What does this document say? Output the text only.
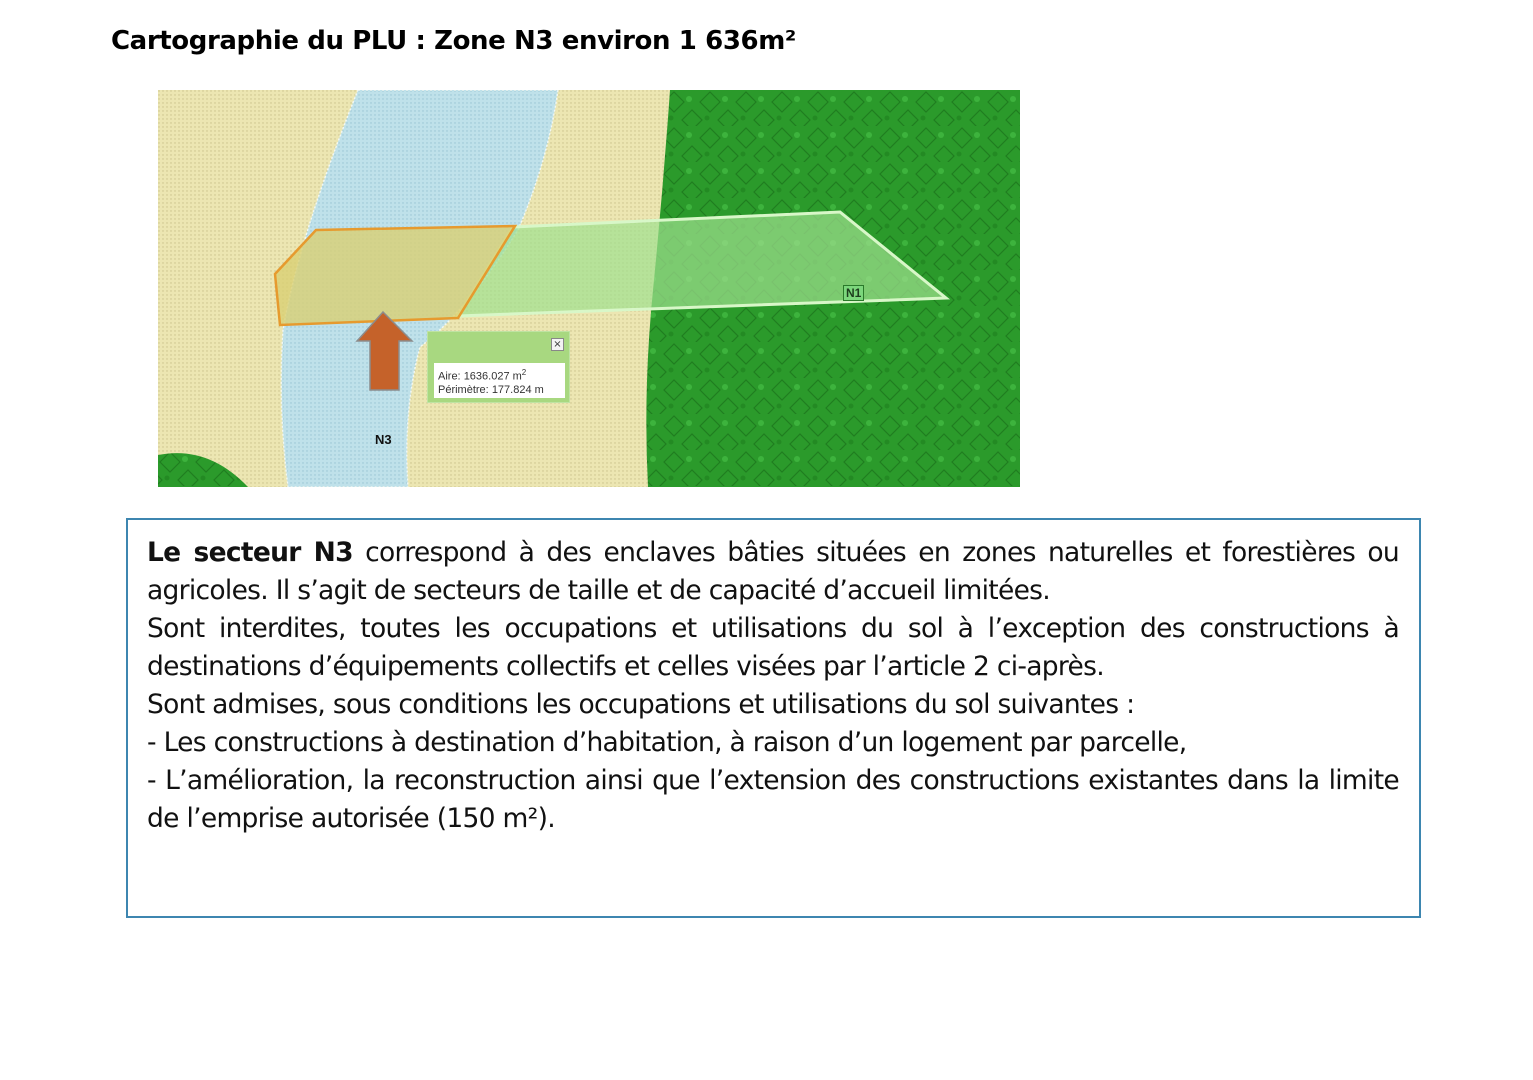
Cartographie du PLU : Zone N3 environ 1 636m²
N3
N1
×
Aire: 1636.027 $m^2$
Périmètre: 177.824 m

Le secteur N3 correspond à des enclaves bâties situées en zones naturelles et forestières ou agricoles. Il s’agit de secteurs de taille et de capacité d’accueil limitées.

Sont interdites, toutes les occupations et utilisations du sol à l’exception des constructions à destinations d’équipements collectifs et celles visées par l’article 2 ci-après.

Sont admises, sous conditions les occupations et utilisations du sol suivantes :

- Les constructions à destination d’habitation, à raison d’un logement par parcelle,

- L’amélioration, la reconstruction ainsi que l’extension des constructions existantes dans la limite de l’emprise autorisée (150 m²).
